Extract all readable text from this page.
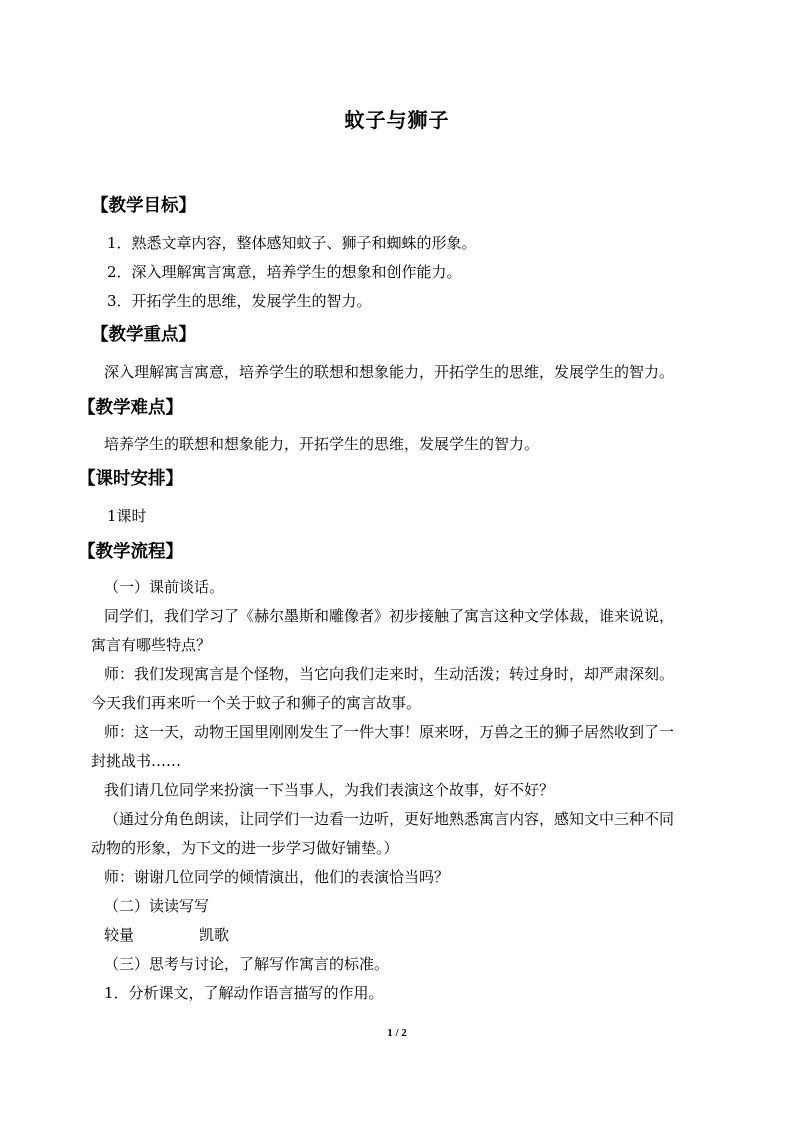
蚊子与狮子
【教学目标】
1．熟悉文章内容，整体感知蚊子、狮子和蜘蛛的形象。
2．深入理解寓言寓意，培养学生的想象和创作能力。
3．开拓学生的思维，发展学生的智力。
【教学重点】
深入理解寓言寓意，培养学生的联想和想象能力，开拓学生的思维，发展学生的智力。
【教学难点】
培养学生的联想和想象能力，开拓学生的思维，发展学生的智力。
【课时安排】
1课时
【教学流程】
（一）课前谈话。
同学们，我们学习了《赫尔墨斯和雕像者》初步接触了寓言这种文学体裁，谁来说说，
寓言有哪些特点？
师：我们发现寓言是个怪物，当它向我们走来时，生动活泼；转过身时，却严肃深刻。
今天我们再来听一个关于蚊子和狮子的寓言故事。
师：这一天，动物王国里刚刚发生了一件大事！原来呀，万兽之王的狮子居然收到了一
封挑战书……
我们请几位同学来扮演一下当事人，为我们表演这个故事，好不好？
（通过分角色朗读，让同学们一边看一边听，更好地熟悉寓言内容，感知文中三种不同
动物的形象，为下文的进一步学习做好铺垫。）
师：谢谢几位同学的倾情演出，他们的表演恰当吗？
（二）读读写写
较量	凯歌
（三）思考与讨论，了解写作寓言的标准。
1．分析课文，了解动作语言描写的作用。
1 / 2
